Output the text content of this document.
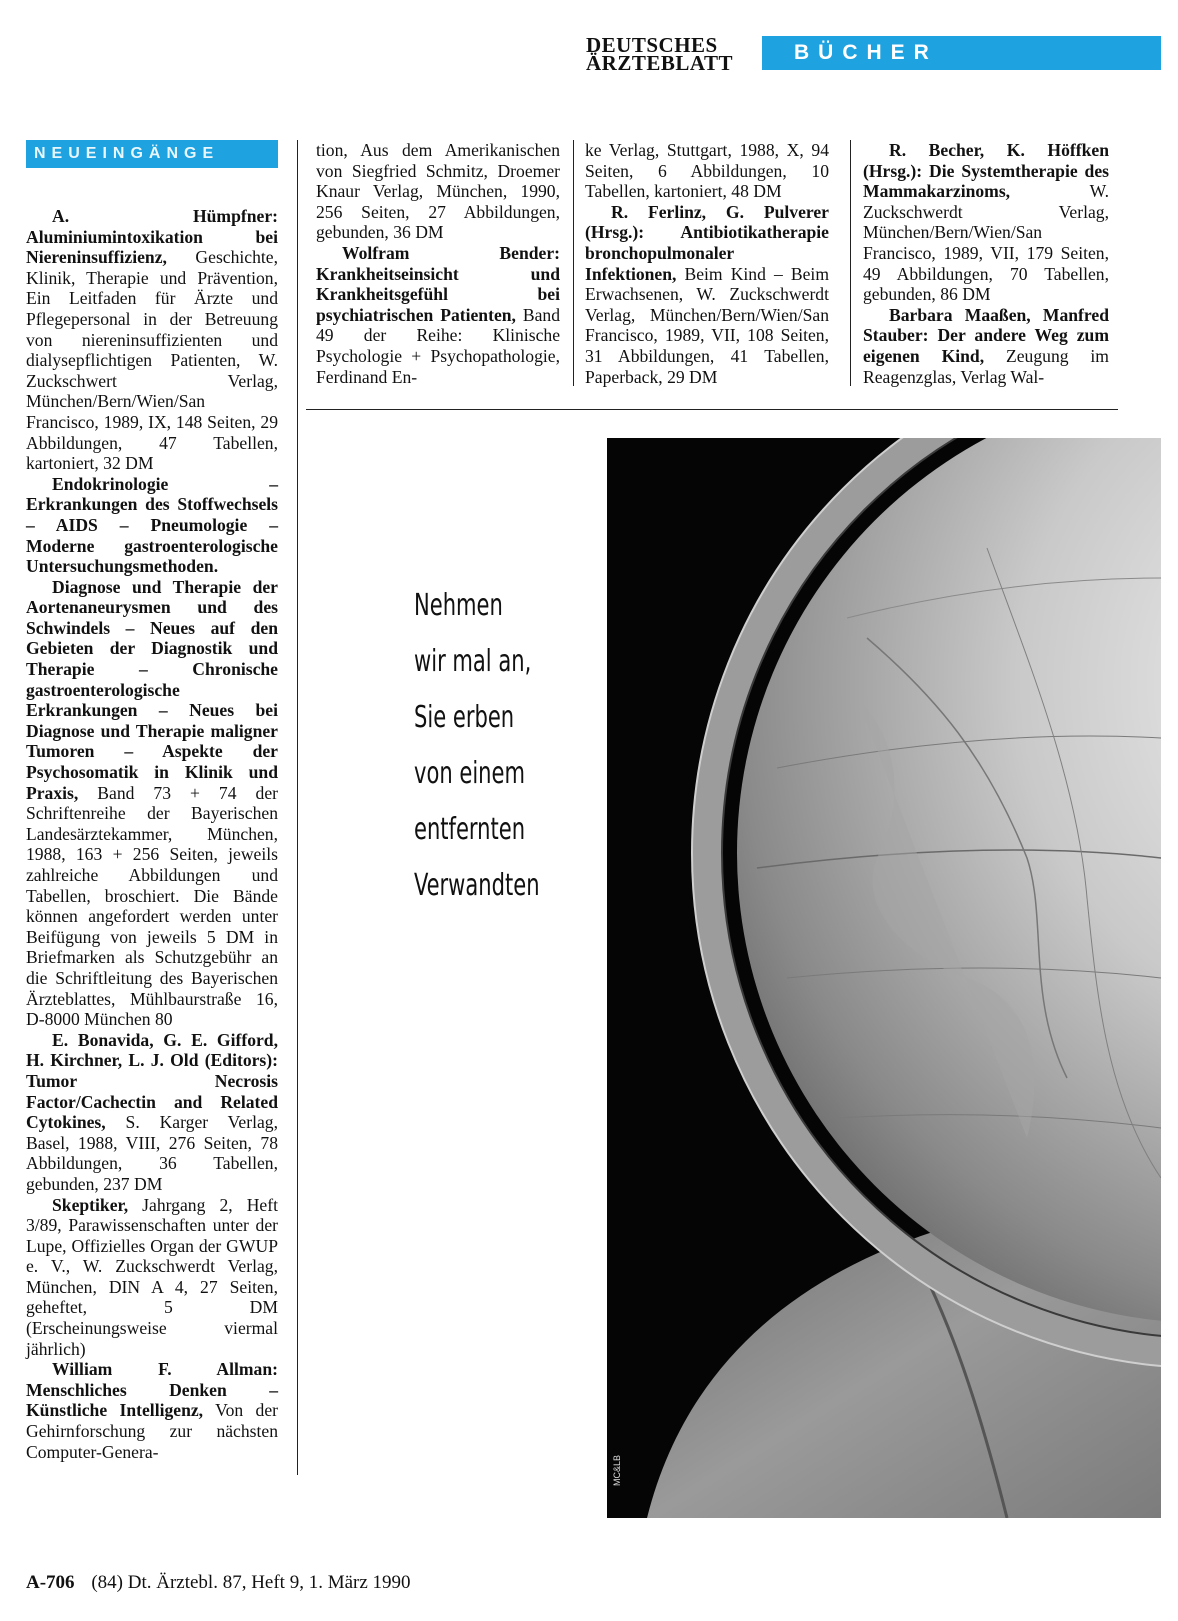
DEUTSCHES
ÄRZTEBLATT	BÜCHER
NEUEINGÄNGE

A. Hümpfner: Aluminiumintoxikation bei Niereninsuffizienz, Geschichte, Klinik, Therapie und Prävention, Ein Leitfaden für Ärzte und Pflegepersonal in der Betreuung von niereninsuffizienten und dialysepflichtigen Patienten, W. Zuckschwert Verlag, München/Bern/Wien/San Francisco, 1989, IX, 148 Seiten, 29 Abbildungen, 47 Tabellen, kartoniert, 32 DM

Endokrinologie – Erkrankungen des Stoffwechsels – AIDS – Pneumologie – Moderne gastroenterologische Untersuchungsmethoden.

Diagnose und Therapie der Aortenaneurysmen und des Schwindels – Neues auf den Gebieten der Diagnostik und Therapie – Chronische gastroenterologische Erkrankungen – Neues bei Diagnose und Therapie maligner Tumoren – Aspekte der Psychosomatik in Klinik und Praxis, Band 73 + 74 der Schriftenreihe der Bayerischen Landesärztekammer, München, 1988, 163 + 256 Seiten, jeweils zahlreiche Abbildungen und Tabellen, broschiert. Die Bände können angefordert werden unter Beifügung von jeweils 5 DM in Briefmarken als Schutzgebühr an die Schriftleitung des Bayerischen Ärzteblattes, Mühlbaurstraße 16, D-8000 München 80

E. Bonavida, G. E. Gifford, H. Kirchner, L. J. Old (Editors): Tumor Necrosis Factor/Cachectin and Related Cytokines, S. Karger Verlag, Basel, 1988, VIII, 276 Seiten, 78 Abbildungen, 36 Tabellen, gebunden, 237 DM

Skeptiker, Jahrgang 2, Heft 3/89, Parawissenschaften unter der Lupe, Offizielles Organ der GWUP e. V., W. Zuckschwerdt Verlag, München, DIN A 4, 27 Seiten, geheftet, 5 DM (Erscheinungsweise viermal jährlich)

William F. Allman: Menschliches Denken – Künstliche Intelligenz, Von der Gehirnforschung zur nächsten Computer-Genera-

tion, Aus dem Amerikanischen von Siegfried Schmitz, Droemer Knaur Verlag, München, 1990, 256 Seiten, 27 Abbildungen, gebunden, 36 DM

Wolfram Bender: Krankheitseinsicht und Krankheitsgefühl bei psychiatrischen Patienten, Band 49 der Reihe: Klinische Psychologie + Psychopathologie, Ferdinand En-

ke Verlag, Stuttgart, 1988, X, 94 Seiten, 6 Abbildungen, 10 Tabellen, kartoniert, 48 DM

R. Ferlinz, G. Pulverer (Hrsg.): Antibiotikatherapie bronchopulmonaler Infektionen, Beim Kind – Beim Erwachsenen, W. Zuckschwerdt Verlag, München/Bern/Wien/San Francisco, 1989, VII, 108 Seiten, 31 Abbildungen, 41 Tabellen, Paperback, 29 DM

R. Becher, K. Höffken (Hrsg.): Die Systemtherapie des Mammakarzinoms, W. Zuckschwerdt Verlag, München/Bern/Wien/San Francisco, 1989, VII, 179 Seiten, 49 Abbildungen, 70 Tabellen, gebunden, 86 DM

Barbara Maaßen, Manfred Stauber: Der andere Weg zum eigenen Kind, Zeugung im Reagenzglas, Verlag Wal-

Nehmen
wir mal an,
Sie erben
von einem
entfernten
Verwandten
MC&LB
A-706 (84) Dt. Ärztebl. 87, Heft 9, 1. März 1990
